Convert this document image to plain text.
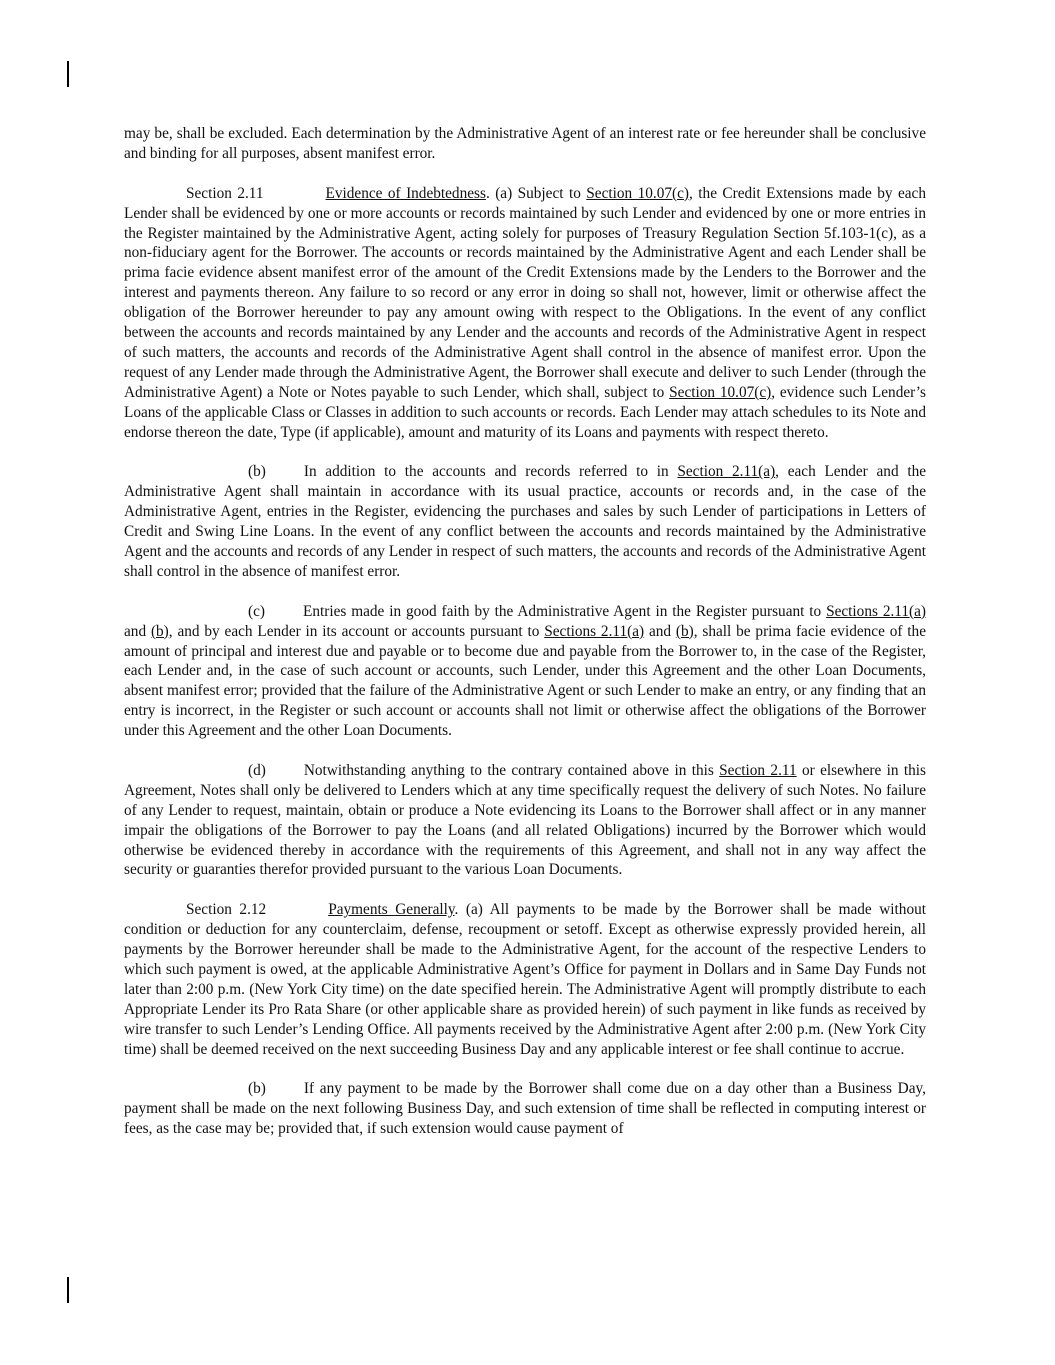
may be, shall be excluded. Each determination by the Administrative Agent of an interest rate or fee hereunder shall be conclusive and binding for all purposes, absent manifest error.

Section 2.11	Evidence of Indebtedness. (a) Subject to Section 10.07(c), the Credit Extensions made by each Lender shall be evidenced by one or more accounts or records maintained by such Lender and evidenced by one or more entries in the Register maintained by the Administrative Agent, acting solely for purposes of Treasury Regulation Section 5f.103-1(c), as a non-fiduciary agent for the Borrower. The accounts or records maintained by the Administrative Agent and each Lender shall be prima facie evidence absent manifest error of the amount of the Credit Extensions made by the Lenders to the Borrower and the interest and payments thereon. Any failure to so record or any error in doing so shall not, however, limit or otherwise affect the obligation of the Borrower hereunder to pay any amount owing with respect to the Obligations. In the event of any conflict between the accounts and records maintained by any Lender and the accounts and records of the Administrative Agent in respect of such matters, the accounts and records of the Administrative Agent shall control in the absence of manifest error. Upon the request of any Lender made through the Administrative Agent, the Borrower shall execute and deliver to such Lender (through the Administrative Agent) a Note or Notes payable to such Lender, which shall, subject to Section 10.07(c), evidence such Lender’s Loans of the applicable Class or Classes in addition to such accounts or records. Each Lender may attach schedules to its Note and endorse thereon the date, Type (if applicable), amount and maturity of its Loans and payments with respect thereto.

(b) In addition to the accounts and records referred to in Section 2.11(a), each Lender and the Administrative Agent shall maintain in accordance with its usual practice, accounts or records and, in the case of the Administrative Agent, entries in the Register, evidencing the purchases and sales by such Lender of participations in Letters of Credit and Swing Line Loans. In the event of any conflict between the accounts and records maintained by the Administrative Agent and the accounts and records of any Lender in respect of such matters, the accounts and records of the Administrative Agent shall control in the absence of manifest error.

(c) Entries made in good faith by the Administrative Agent in the Register pursuant to Sections 2.11(a) and (b), and by each Lender in its account or accounts pursuant to Sections 2.11(a) and (b), shall be prima facie evidence of the amount of principal and interest due and payable or to become due and payable from the Borrower to, in the case of the Register, each Lender and, in the case of such account or accounts, such Lender, under this Agreement and the other Loan Documents, absent manifest error; provided that the failure of the Administrative Agent or such Lender to make an entry, or any finding that an entry is incorrect, in the Register or such account or accounts shall not limit or otherwise affect the obligations of the Borrower under this Agreement and the other Loan Documents.

(d) Notwithstanding anything to the contrary contained above in this Section 2.11 or elsewhere in this Agreement, Notes shall only be delivered to Lenders which at any time specifically request the delivery of such Notes. No failure of any Lender to request, maintain, obtain or produce a Note evidencing its Loans to the Borrower shall affect or in any manner impair the obligations of the Borrower to pay the Loans (and all related Obligations) incurred by the Borrower which would otherwise be evidenced thereby in accordance with the requirements of this Agreement, and shall not in any way affect the security or guaranties therefor provided pursuant to the various Loan Documents.

Section 2.12	Payments Generally. (a) All payments to be made by the Borrower shall be made without condition or deduction for any counterclaim, defense, recoupment or setoff. Except as otherwise expressly provided herein, all payments by the Borrower hereunder shall be made to the Administrative Agent, for the account of the respective Lenders to which such payment is owed, at the applicable Administrative Agent’s Office for payment in Dollars and in Same Day Funds not later than 2:00 p.m. (New York City time) on the date specified herein. The Administrative Agent will promptly distribute to each Appropriate Lender its Pro Rata Share (or other applicable share as provided herein) of such payment in like funds as received by wire transfer to such Lender’s Lending Office. All payments received by the Administrative Agent after 2:00 p.m. (New York City time) shall be deemed received on the next succeeding Business Day and any applicable interest or fee shall continue to accrue.

(b) If any payment to be made by the Borrower shall come due on a day other than a Business Day, payment shall be made on the next following Business Day, and such extension of time shall be reflected in computing interest or fees, as the case may be; provided that, if such extension would cause payment of
